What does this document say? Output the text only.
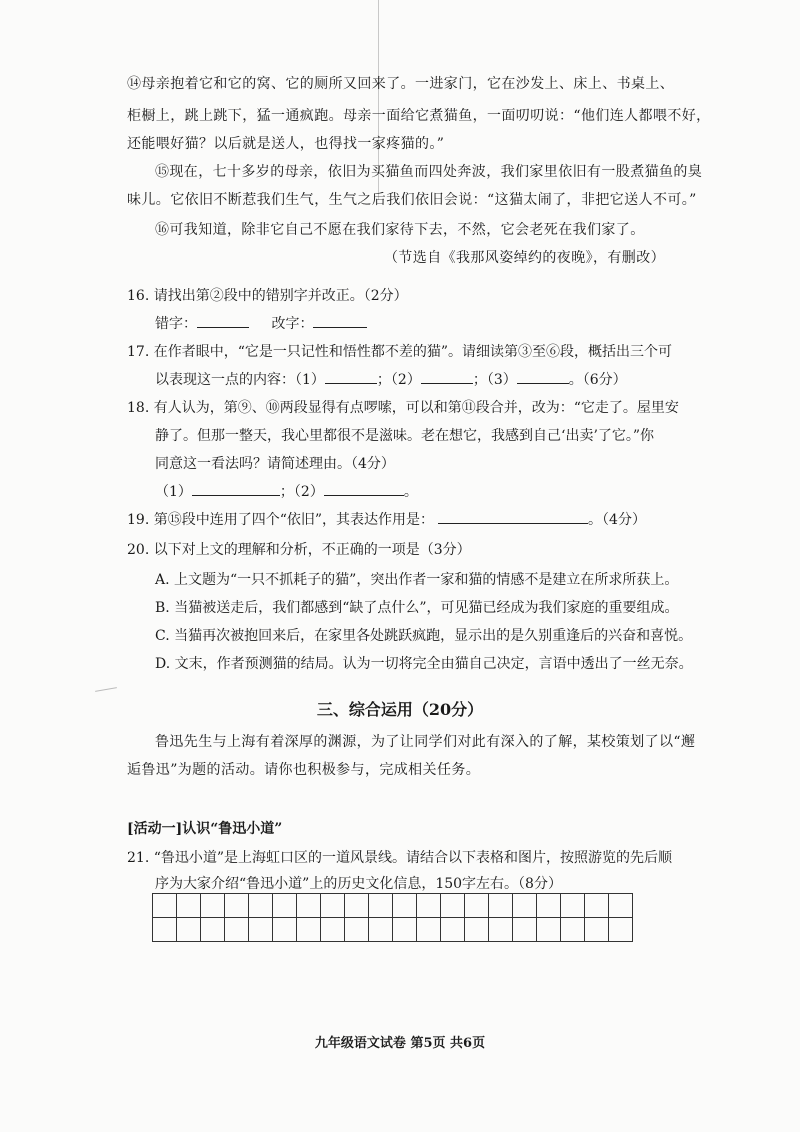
⑭母亲抱着它和它的窝、它的厕所又回来了。一进家门，它在沙发上、床上、书桌上、
柜橱上，跳上跳下，猛一通疯跑。母亲一面给它煮猫鱼，一面叨叨说：“他们连人都喂不好，
还能喂好猫？以后就是送人，也得找一家疼猫的。”
⑮现在，七十多岁的母亲，依旧为买猫鱼而四处奔波，我们家里依旧有一股煮猫鱼的臭
味儿。它依旧不断惹我们生气，生气之后我们依旧会说：“这猫太闹了，非把它送人不可。”
⑯可我知道，除非它自己不愿在我们家待下去，不然，它会老死在我们家了。
（节选自《我那风姿绰约的夜晚》，有删改）
16. 请找出第②段中的错别字并改正。（2分）
错字：	改字：
17. 在作者眼中，“它是一只记性和悟性都不差的猫”。请细读第③至⑥段，概括出三个可
以表现这一点的内容：（1）	；（2）	；（3）	。（6分）
18. 有人认为，第⑨、⑩两段显得有点啰嗦，可以和第⑪段合并，改为：“它走了。屋里安
静了。但那一整天，我心里都很不是滋味。老在想它，我感到自己‘出卖’了它。”你
同意这一看法吗？请简述理由。（4分）
（1）	；（2）	。
19. 第⑮段中连用了四个“依旧”，其表达作用是：	。（4分）
20. 以下对上文的理解和分析，不正确的一项是（3分）
A. 上文题为“一只不抓耗子的猫”，突出作者一家和猫的情感不是建立在所求所获上。
B. 当猫被送走后，我们都感到“缺了点什么”，可见猫已经成为我们家庭的重要组成。
C. 当猫再次被抱回来后，在家里各处跳跃疯跑，显示出的是久别重逢后的兴奋和喜悦。
D. 文末，作者预测猫的结局。认为一切将完全由猫自己决定，言语中透出了一丝无奈。
三、综合运用（20分）
鲁迅先生与上海有着深厚的渊源，为了让同学们对此有深入的了解，某校策划了以“邂
逅鲁迅”为题的活动。请你也积极参与，完成相关任务。
[活动一]认识“鲁迅小道”
21. “鲁迅小道”是上海虹口区的一道风景线。请结合以下表格和图片，按照游览的先后顺
序为大家介绍“鲁迅小道”上的历史文化信息，150字左右。（8分）

九年级语文试卷 第5页 共6页
